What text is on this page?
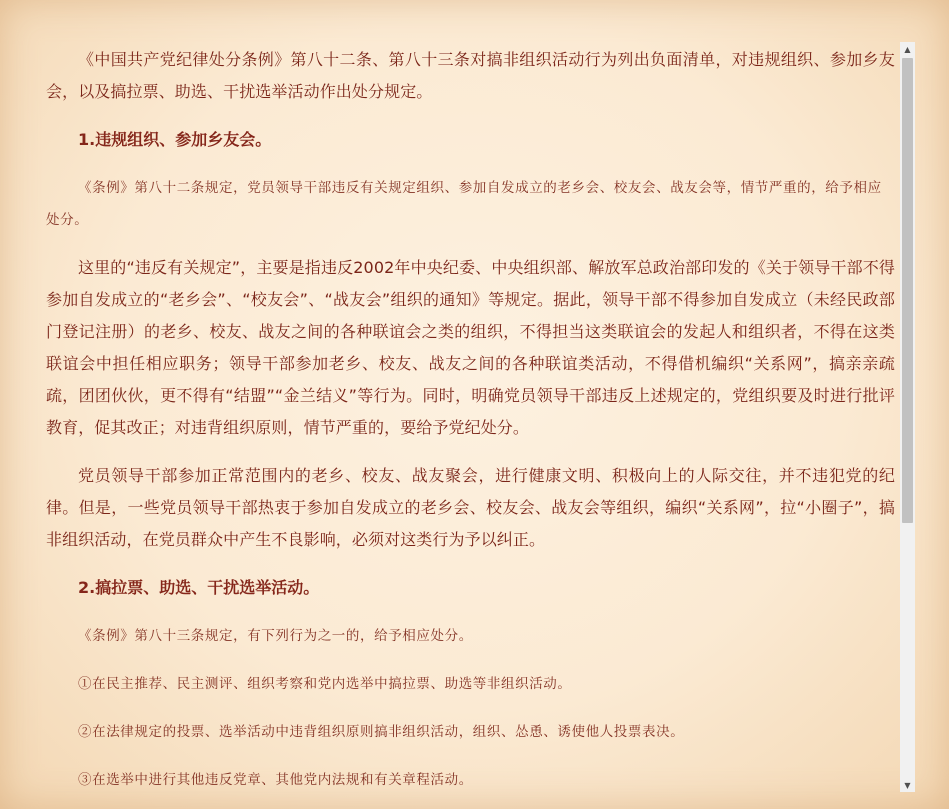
《中国共产党纪律处分条例》第八十二条、第八十三条对搞非组织活动行为列出负面清单，对违规组织、参加乡友会，以及搞拉票、助选、干扰选举活动作出处分规定。

1.违规组织、参加乡友会。

《条例》第八十二条规定，党员领导干部违反有关规定组织、参加自发成立的老乡会、校友会、战友会等，情节严重的，给予相应处分。

这里的“违反有关规定”，主要是指违反2002年中央纪委、中央组织部、解放军总政治部印发的《关于领导干部不得参加自发成立的“老乡会”、“校友会”、“战友会”组织的通知》等规定。据此，领导干部不得参加自发成立（未经民政部门登记注册）的老乡、校友、战友之间的各种联谊会之类的组织，不得担当这类联谊会的发起人和组织者，不得在这类联谊会中担任相应职务；领导干部参加老乡、校友、战友之间的各种联谊类活动，不得借机编织“关系网”，搞亲亲疏疏，团团伙伙，更不得有“结盟”“金兰结义”等行为。同时，明确党员领导干部违反上述规定的，党组织要及时进行批评教育，促其改正；对违背组织原则，情节严重的，要给予党纪处分。

党员领导干部参加正常范围内的老乡、校友、战友聚会，进行健康文明、积极向上的人际交往，并不违犯党的纪律。但是，一些党员领导干部热衷于参加自发成立的老乡会、校友会、战友会等组织，编织“关系网”，拉“小圈子”，搞非组织活动，在党员群众中产生不良影响，必须对这类行为予以纠正。

2.搞拉票、助选、干扰选举活动。

《条例》第八十三条规定，有下列行为之一的，给予相应处分。

①在民主推荐、民主测评、组织考察和党内选举中搞拉票、助选等非组织活动。

②在法律规定的投票、选举活动中违背组织原则搞非组织活动，组织、怂恿、诱使他人投票表决。

③在选举中进行其他违反党章、其他党内法规和有关章程活动。

▲
▼
